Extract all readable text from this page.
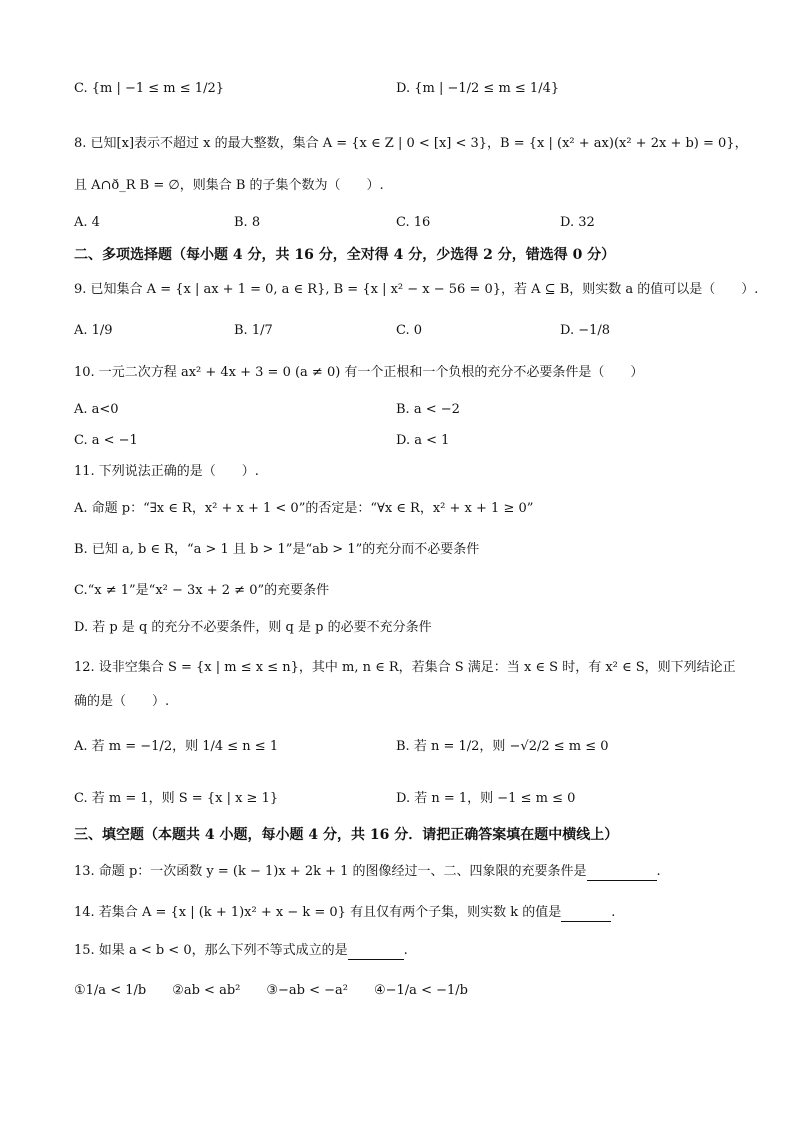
C. {m | −1 ≤ m ≤ 1/2}	D. {m | −1/2 ≤ m ≤ 1/4}
8. 已知[x]表示不超过 x 的最大整数，集合 A = {x ∈ Z | 0 < [x] < 3}，B = {x | (x² + ax)(x² + 2x + b) = 0}，
且 A∩ð_R B = ∅，则集合 B 的子集个数为（　　）.
A. 4	B. 8	C. 16	D. 32
二、多项选择题（每小题 4 分，共 16 分，全对得 4 分，少选得 2 分，错选得 0 分）
9. 已知集合 A = {x | ax + 1 = 0, a ∈ R}, B = {x | x² − x − 56 = 0}，若 A ⊆ B，则实数 a 的值可以是（　　）.
A. 1/9	B. 1/7	C. 0	D. −1/8
10. 一元二次方程 ax² + 4x + 3 = 0 (a ≠ 0) 有一个正根和一个负根的充分不必要条件是（　　）
A. a<0	B. a < −2
C. a < −1	D. a < 1
11. 下列说法正确的是（　　）.
A. 命题 p：“∃x ∈ R，x² + x + 1 < 0”的否定是：“∀x ∈ R，x² + x + 1 ≥ 0”
B. 已知 a, b ∈ R，“a > 1 且 b > 1”是“ab > 1”的充分而不必要条件
C.“x ≠ 1”是“x² − 3x + 2 ≠ 0”的充要条件
D. 若 p 是 q 的充分不必要条件，则 q 是 p 的必要不充分条件
12. 设非空集合 S = {x | m ≤ x ≤ n}，其中 m, n ∈ R，若集合 S 满足：当 x ∈ S 时，有 x² ∈ S，则下列结论正
确的是（　　）.
A. 若 m = −1/2，则 1/4 ≤ n ≤ 1	B. 若 n = 1/2，则 −√2/2 ≤ m ≤ 0
C. 若 m = 1，则 S = {x | x ≥ 1}	D. 若 n = 1，则 −1 ≤ m ≤ 0
三、填空题（本题共 4 小题，每小题 4 分，共 16 分．请把正确答案填在题中横线上）
13. 命题 p：一次函数 y = (k − 1)x + 2k + 1 的图像经过一、二、四象限的充要条件是	.
14. 若集合 A = {x | (k + 1)x² + x − k = 0} 有且仅有两个子集，则实数 k 的值是	.
15. 如果 a < b < 0，那么下列不等式成立的是	.
①1/a < 1/b　　②ab < ab²　　③−ab < −a²　　④−1/a < −1/b
